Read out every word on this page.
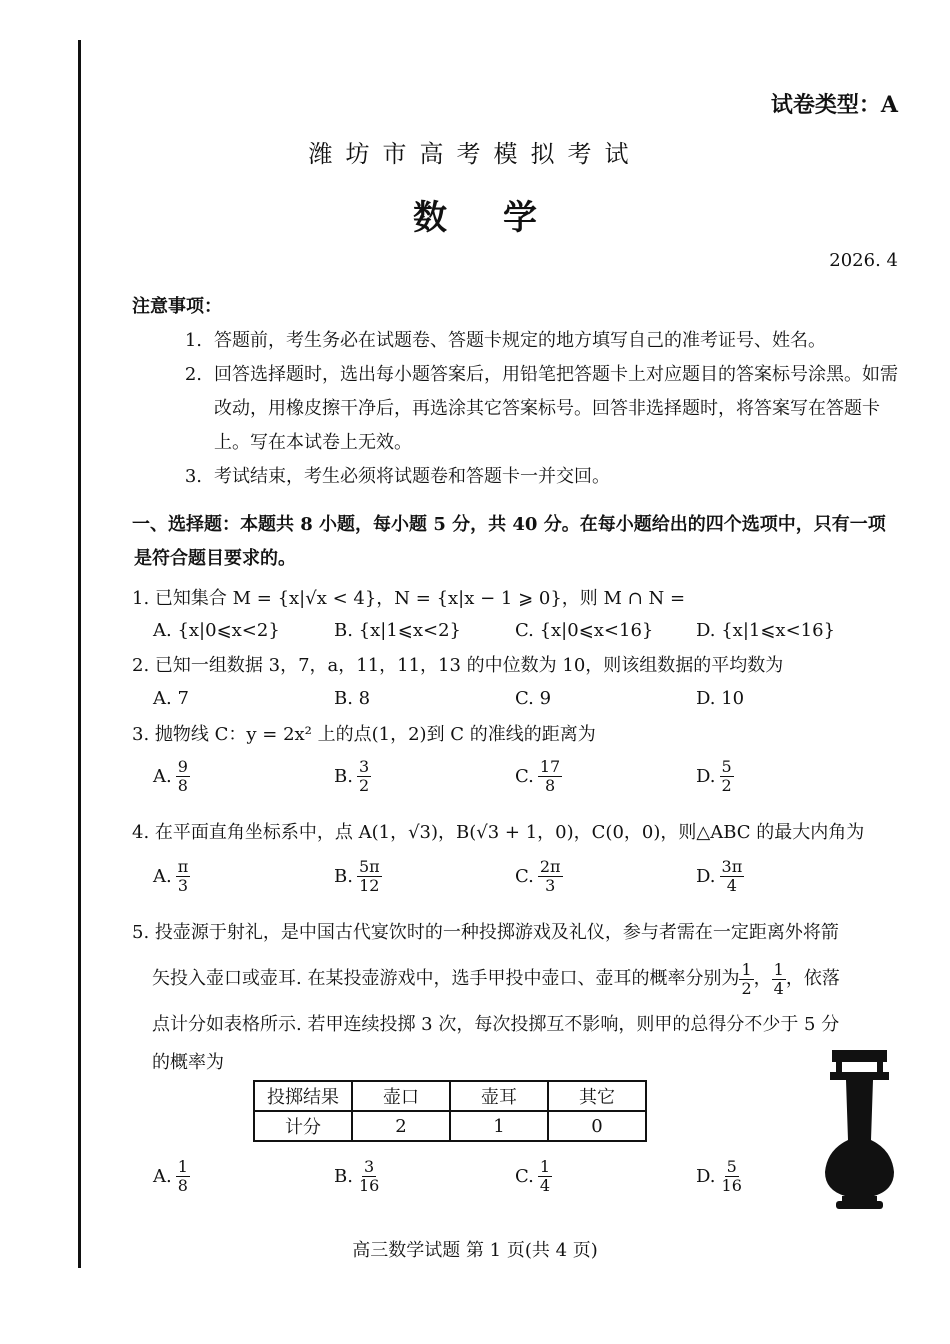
试卷类型：A
潍坊市高考模拟考试
数学
2026. 4
注意事项：
1. 答题前，考生务必在试题卷、答题卡规定的地方填写自己的准考证号、姓名。
2. 回答选择题时，选出每小题答案后，用铅笔把答题卡上对应题目的答案标号涂黑。如需改动，用橡皮擦干净后，再选涂其它答案标号。回答非选择题时，将答案写在答题卡上。写在本试卷上无效。
3. 考试结束，考生必须将试题卷和答题卡一并交回。
一、选择题：本题共 8 小题，每小题 5 分，共 40 分。在每小题给出的四个选项中，只有一项
是符合题目要求的。
1. 已知集合 M = {x|√x < 4}，N = {x|x − 1 ⩾ 0}，则 M ∩ N =
A. {x|0⩽x<2}	B. {x|1⩽x<2}	C. {x|0⩽x<16}	D. {x|1⩽x<16}
2. 已知一组数据 3，7，a，11，11，13 的中位数为 10，则该组数据的平均数为
A. 7	B. 8	C. 9	D. 10
3. 抛物线 C：y = 2x² 上的点(1，2)到 C 的准线的距离为
A. $\frac{9}{8}$	B. $\frac{3}{2}$	C. $\frac{17}{8}$	D. $\frac{5}{2}$
4. 在平面直角坐标系中，点 A(1，√3)，B(√3 + 1，0)，C(0，0)，则△ABC 的最大内角为
A. $\frac{\pi}{3}$	B. $\frac{5\pi}{12}$	C. $\frac{2\pi}{3}$	D. $\frac{3\pi}{4}$
5. 投壶源于射礼，是中国古代宴饮时的一种投掷游戏及礼仪，参与者需在一定距离外将箭
矢投入壶口或壶耳. 在某投壶游戏中，选手甲投中壶口、壶耳的概率分别为 $\frac{1}{2}$ ， $\frac{1}{4}$ ，依落
点计分如表格所示. 若甲连续投掷 3 次，每次投掷互不影响，则甲的总得分不少于 5 分
的概率为
投掷结果	壶口	壶耳	其它
计分	2	1	0
A. $\frac{1}{8}$	B. $\frac{3}{16}$	C. $\frac{1}{4}$	D. $\frac{5}{16}$
高三数学试题 第 1 页(共 4 页)
